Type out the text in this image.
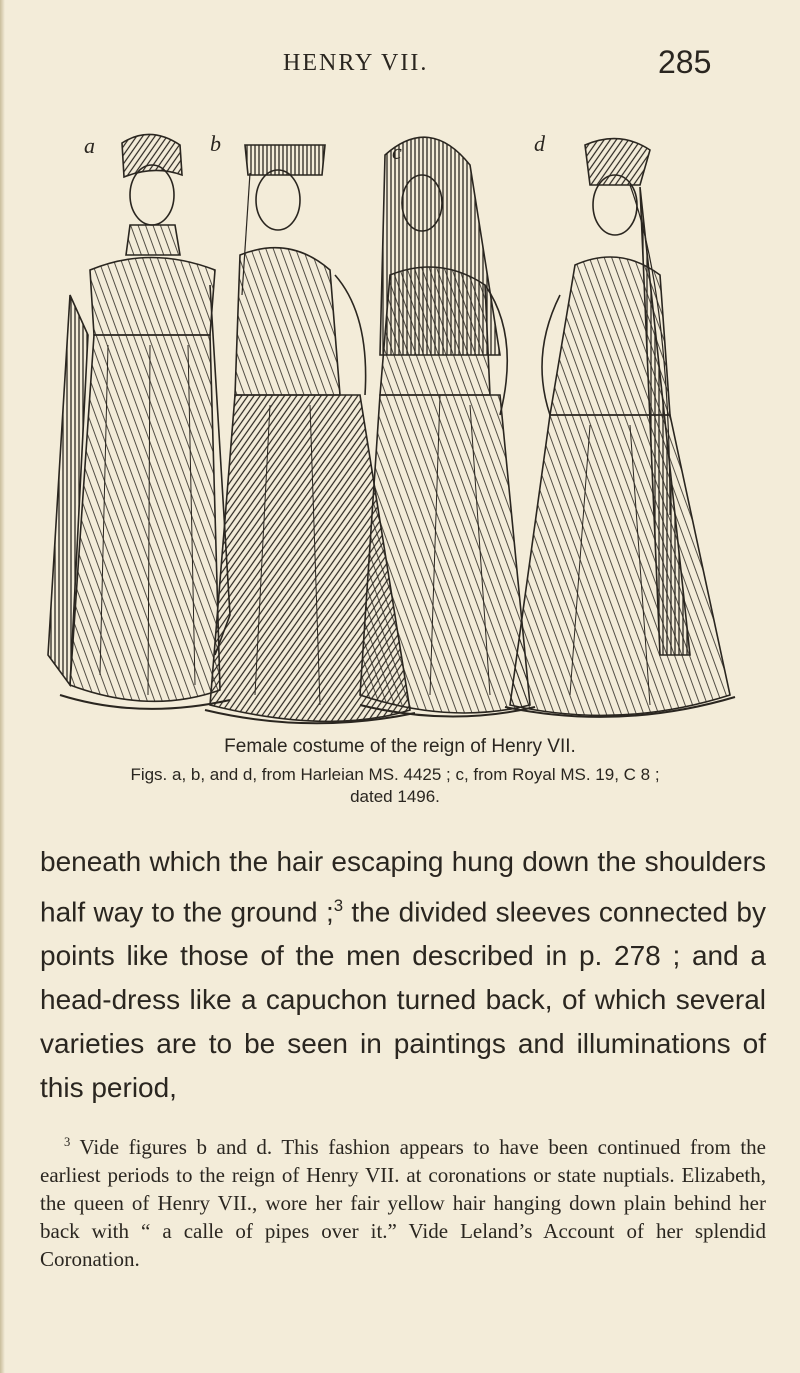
HENRY VII.	285
a	b	c	d
Female costume of the reign of Henry VII.
Figs. a, b, and d, from Harleian MS. 4425 ; c, from Royal MS. 19, C 8 ; dated 1496.
beneath which the hair escaping hung down the shoulders half way to the ground ;$^3$ the divided sleeves connected by points like those of the men described in p. 278 ; and a head-dress like a capuchon turned back, of which several varieties are to be seen in paintings and illuminations of this period,
$^3$ Vide figures b and d. This fashion appears to have been continued from the earliest periods to the reign of Henry VII. at coronations or state nuptials. Elizabeth, the queen of Henry VII., wore her fair yellow hair hanging down plain behind her back with “ a calle of pipes over it.” Vide Leland’s Account of her splendid Coronation.
